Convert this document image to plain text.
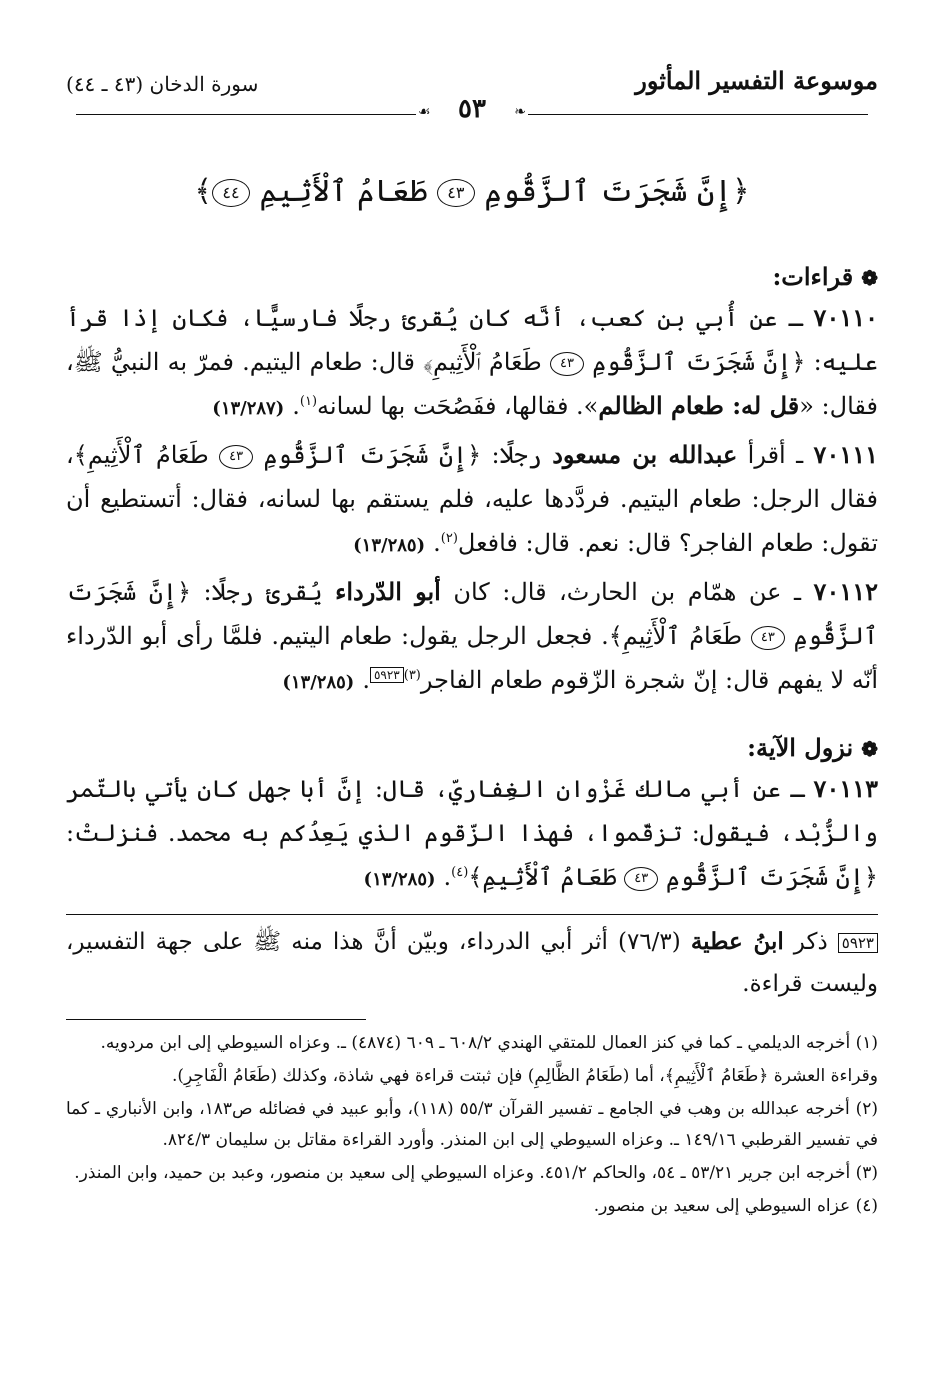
موسوعة التفسير المأثور
سورة الدخان (٤٣ ـ ٤٤)
❧
☙	٥٣
﴿إِنَّ شَجَرَتَ ٱلزَّقُّومِ ٤٣ طَعَامُ ٱلْأَثِيمِ ٤٤﴾
❁قراءات:
٧٠١١٠ ـ عن أُبي بن كعب، أنَّه كان يُقرئ رجلًا فارسيًّا، فكان إذا قرأ عليه: ﴿إِنَّ شَجَرَتَ ٱلزَّقُّومِ ٤٣ طَعَامُ ٱلْأَثِيمِ﴾ قال: طعام اليتيم. فمرّ به النبيُّ ﷺ، فقال: «قل له: طعام الظالم». فقالها، ففَصُحَت بها لسانه$^{(١)}$.(١٣/٢٨٧)
٧٠١١١ ـ أقرأ عبدالله بن مسعود رجلًا: ﴿إِنَّ شَجَرَتَ ٱلزَّقُّومِ ٤٣ طَعَامُ ٱلْأَثِيمِ﴾، فقال الرجل: طعام اليتيم. فردَّدها عليه، فلم يستقم بها لسانه، فقال: أتستطيع أن تقول: طعام الفاجر؟ قال: نعم. قال: فافعل$^{(٢)}$.(١٣/٢٨٥)
٧٠١١٢ ـ عن همّام بن الحارث، قال: كان أبو الدّرداء يُقرئ رجلًا: ﴿إِنَّ شَجَرَتَ ٱلزَّقُّومِ ٤٣ طَعَامُ ٱلْأَثِيمِ﴾. فجعل الرجل يقول: طعام اليتيم. فلمَّا رأى أبو الدّرداء أنّه لا يفهم قال: إنّ شجرة الزّقوم طعام الفاجر$^{(٣)}$٥٩٢٣.(١٣/٢٨٥)
❁نزول الآية:
٧٠١١٣ ـ عن أبي مالك غَزْوان الغِفاريّ، قال: إنَّ أبا جهل كان يأتي بالتّمر والزُّبْد، فيقول: تزقّموا، فهذا الزّقوم الذي يَعِدُكم به محمد. فنزلتْ: ﴿إِنَّ شَجَرَتَ ٱلزَّقُّومِ ٤٣ طَعَامُ ٱلْأَثِيمِ﴾$^{(٤)}$.(١٣/٢٨٥)
٥٩٢٣ ذكر ابنُ عطية (٧٦/٣) أثر أبي الدرداء، وبيّن أنَّ هذا منه ﷺ على جهة التفسير، وليست قراءة.
(١) أخرجه الديلمي ـ كما في كنز العمال للمتقي الهندي ٦٠٨/٢ ـ ٦٠٩ (٤٨٧٤) ـ. وعزاه السيوطي إلى ابن مردويه.
وقراءة العشرة ﴿طَعَامُ ٱلْأَثِيمِ﴾، أما (طَعَامُ الظَّالِمِ) فإن ثبتت قراءة فهي شاذة، وكذلك (طَعَامُ الْفَاجِرِ).
(٢) أخرجه عبدالله بن وهب في الجامع ـ تفسير القرآن ٥٥/٣ (١١٨)، وأبو عبيد في فضائله ص١٨٣، وابن الأنباري ـ كما في تفسير القرطبي ١٤٩/١٦ ـ. وعزاه السيوطي إلى ابن المنذر. وأورد القراءة مقاتل بن سليمان ٨٢٤/٣.
(٣) أخرجه ابن جرير ٥٣/٢١ ـ ٥٤، والحاكم ٤٥١/٢. وعزاه السيوطي إلى سعيد بن منصور، وعبد بن حميد، وابن المنذر.
(٤) عزاه السيوطي إلى سعيد بن منصور.
